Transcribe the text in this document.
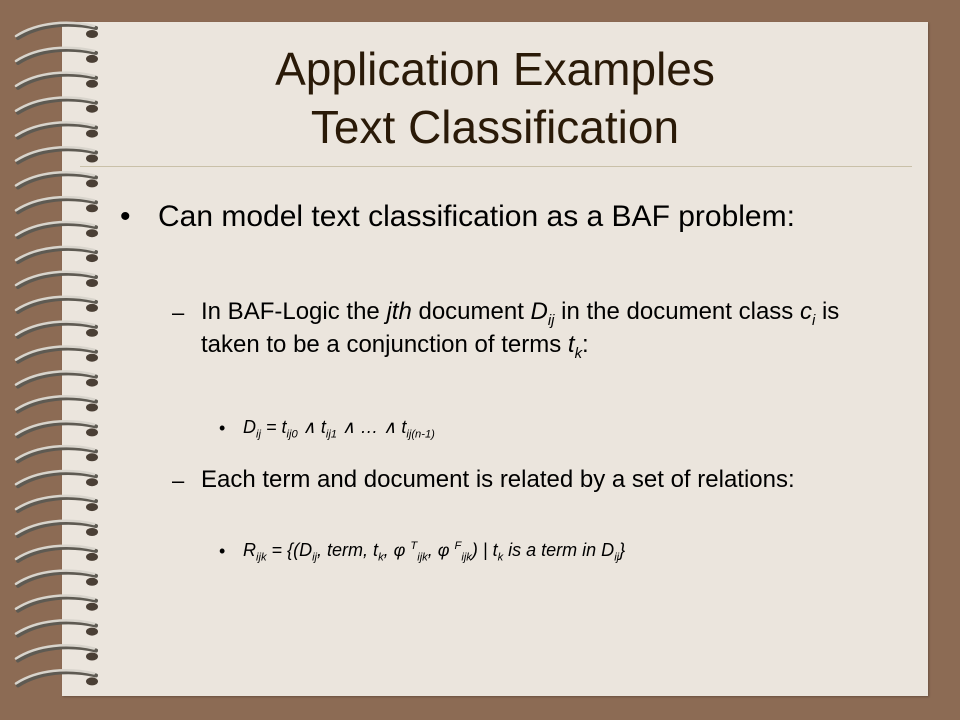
Application Examples
Text Classification
• Can model text classification as a BAF problem:
– In BAF-Logic the jth document $D_{ij}$ in the document class $c_i$ is taken to be a conjunction of terms $t_k$:
• $D_{ij} = t_{ij0}$ ∧ $t_{ij1}$ ∧ … ∧ $t_{ij(n-1)}$
– Each term and document is related by a set of relations:
• $R_{ijk} = \{(D_{ij}$, term, $t_k$, φ $^T_{ijk}$, φ $^F_{ijk}$) | $t_k$ is a term in $D_{ij}$}
